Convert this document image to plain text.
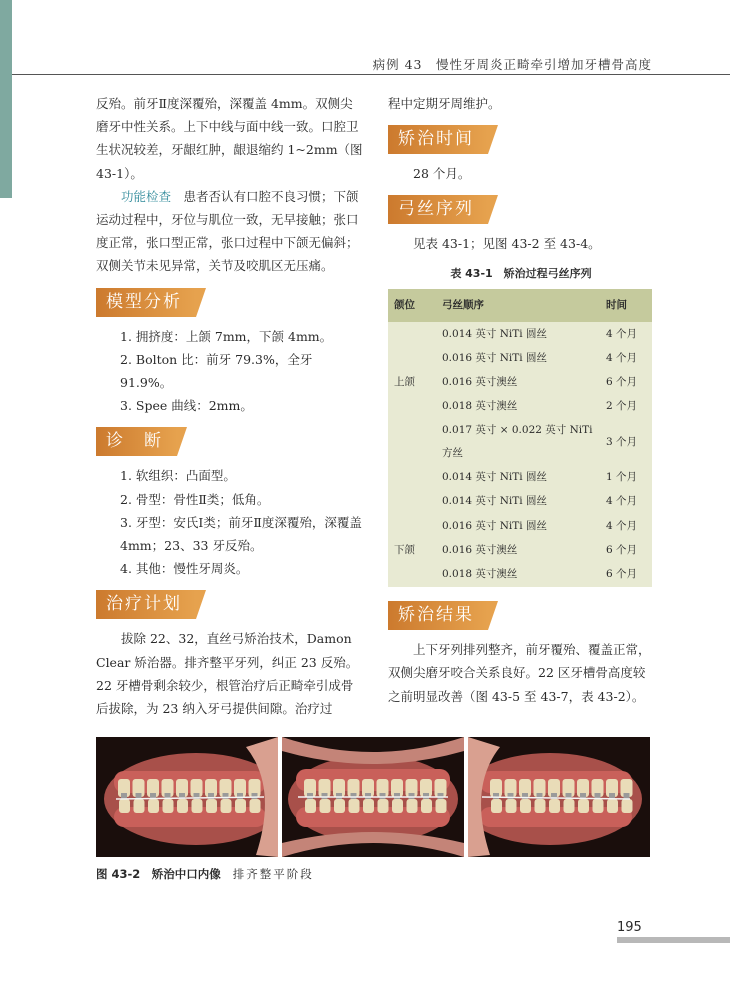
病例 43　慢性牙周炎正畸牵引增加牙槽骨高度

反殆。前牙Ⅱ度深覆殆，深覆盖 4mm。双侧尖磨牙中性关系。上下中线与面中线一致。口腔卫生状况较差，牙龈红肿，龈退缩约 1~2mm（图 43-1）。

功能检查　 患者否认有口腔不良习惯；下颌运动过程中，牙位与肌位一致，无早接触；张口度正常，张口型正常，张口过程中下颌无偏斜；双侧关节未见异常，关节及咬肌区无压痛。

模型分析

1. 拥挤度：上颌 7mm，下颌 4mm。

2. Bolton 比：前牙 79.3%，全牙 91.9%。

3. Spee 曲线：2mm。

诊　断

1. 软组织：凸面型。

2. 骨型：骨性Ⅱ类；低角。

3. 牙型：安氏Ⅰ类；前牙Ⅱ度深覆殆，深覆盖 4mm；23、33 牙反殆。

4. 其他：慢性牙周炎。

治疗计划

拔除 22、32，直丝弓矫治技术，Damon Clear 矫治器。排齐整平牙列，纠正 23 反殆。22 牙槽骨剩余较少，根管治疗后正畸牵引成骨后拔除，为 23 纳入牙弓提供间隙。治疗过

程中定期牙周维护。

矫治时间

28 个月。

弓丝序列

见表 43-1；见图 43-2 至 43-4。

表 43-1　矫治过程弓丝序列
颌位	弓丝顺序	时间
	0.014 英寸 NiTi 圆丝	4 个月
	0.016 英寸 NiTi 圆丝	4 个月
上颌	0.016 英寸澳丝	6 个月
	0.018 英寸澳丝	2 个月
	0.017 英寸 × 0.022 英寸 NiTi 方丝	3 个月
	0.014 英寸 NiTi 圆丝	1 个月
	0.014 英寸 NiTi 圆丝	4 个月
	0.016 英寸 NiTi 圆丝	4 个月
下颌	0.016 英寸澳丝	6 个月
	0.018 英寸澳丝	6 个月
矫治结果

上下牙列排列整齐，前牙覆殆、覆盖正常，双侧尖磨牙咬合关系良好。22 区牙槽骨高度较之前明显改善（图 43-5 至 43-7，表 43-2）。

图 43-2　矫治中口内像 排齐整平阶段
195
